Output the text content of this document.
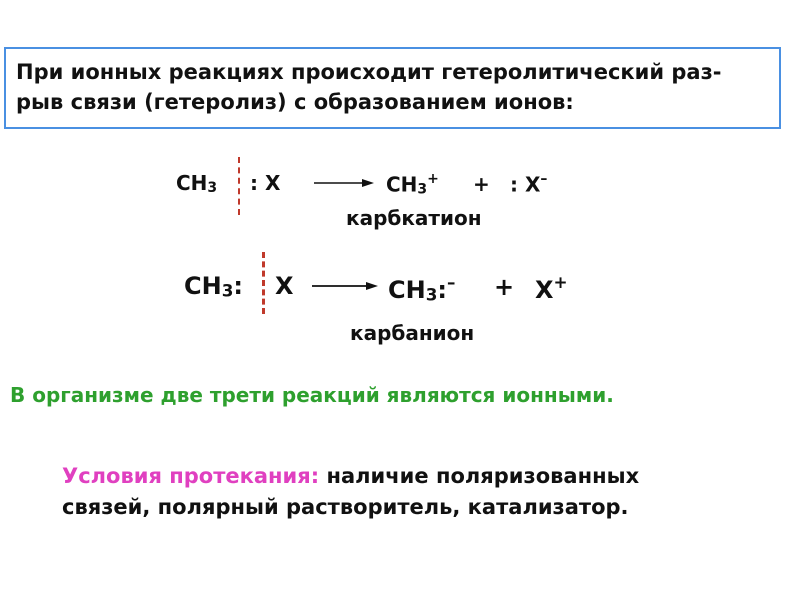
При ионных реакциях происходит гетеролитический раз-
рыв связи (гетеролиз) с образованием ионов:
$CH_3$ : X	$CH_3^+$ + : X–
карбкатион
$CH_3$: X	$CH_3:^- + X^+$
карбанион
В организме две трети реакций являются ионными.
Условия протекания: наличие поляризованных
связей, полярный растворитель, катализатор.
